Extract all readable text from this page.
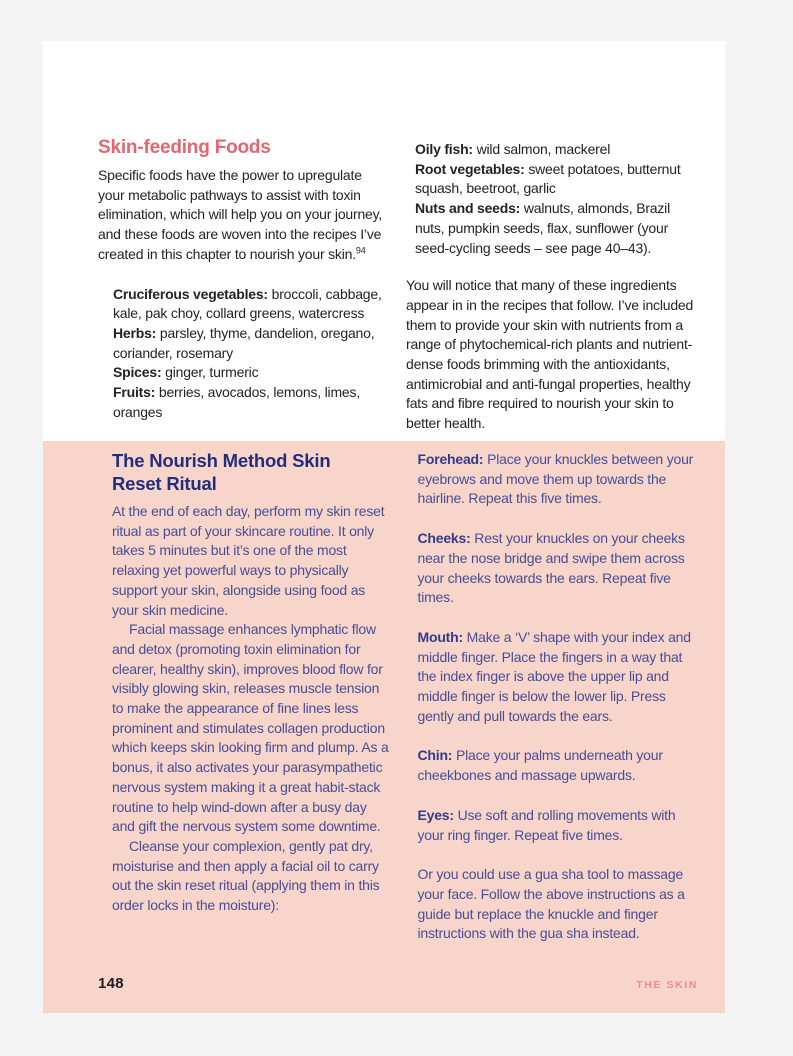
Skin-feeding Foods

Specific foods have the power to upregulate your metabolic pathways to assist with toxin elimination, which will help you on your journey, and these foods are woven into the recipes I’ve created in this chapter to nourish your skin.$^{94}$

Cruciferous vegetables: broccoli, cabbage, kale, pak choy, collard greens, watercress

Herbs: parsley, thyme, dandelion, oregano, coriander, rosemary

Spices: ginger, turmeric

Fruits: berries, avocados, lemons, limes, oranges

Oily fish: wild salmon, mackerel

Root vegetables: sweet potatoes, butternut squash, beetroot, garlic

Nuts and seeds: walnuts, almonds, Brazil nuts, pumpkin seeds, flax, sunflower (your seed-cycling seeds – see page 40–43).

You will notice that many of these ingredients appear in in the recipes that follow. I’ve included them to provide your skin with nutrients from a range of phytochemical-rich plants and nutrient-dense foods brimming with the antioxidants, antimicrobial and anti-fungal properties, healthy fats and fibre required to nourish your skin to better health.

The Nourish Method Skin Reset Ritual

At the end of each day, perform my skin reset ritual as part of your skincare routine. It only takes 5 minutes but it’s one of the most relaxing yet powerful ways to physically support your skin, alongside using food as your skin medicine.

Facial massage enhances lymphatic flow and detox (promoting toxin elimination for clearer, healthy skin), improves blood flow for visibly glowing skin, releases muscle tension to make the appearance of fine lines less prominent and stimulates collagen production which keeps skin looking firm and plump. As a bonus, it also activates your parasympathetic nervous system making it a great habit-stack routine to help wind-down after a busy day and gift the nervous system some downtime.

Cleanse your complexion, gently pat dry, moisturise and then apply a facial oil to carry out the skin reset ritual (applying them in this order locks in the moisture):

Forehead: Place your knuckles between your eyebrows and move them up towards the hairline. Repeat this five times.

Cheeks: Rest your knuckles on your cheeks near the nose bridge and swipe them across your cheeks towards the ears. Repeat five times.

Mouth: Make a ‘V’ shape with your index and middle finger. Place the fingers in a way that the index finger is above the upper lip and middle finger is below the lower lip. Press gently and pull towards the ears.

Chin: Place your palms underneath your cheekbones and massage upwards.

Eyes: Use soft and rolling movements with your ring finger. Repeat five times.

Or you could use a gua sha tool to massage your face. Follow the above instructions as a guide but replace the knuckle and finger instructions with the gua sha instead.

148	THE SKIN
